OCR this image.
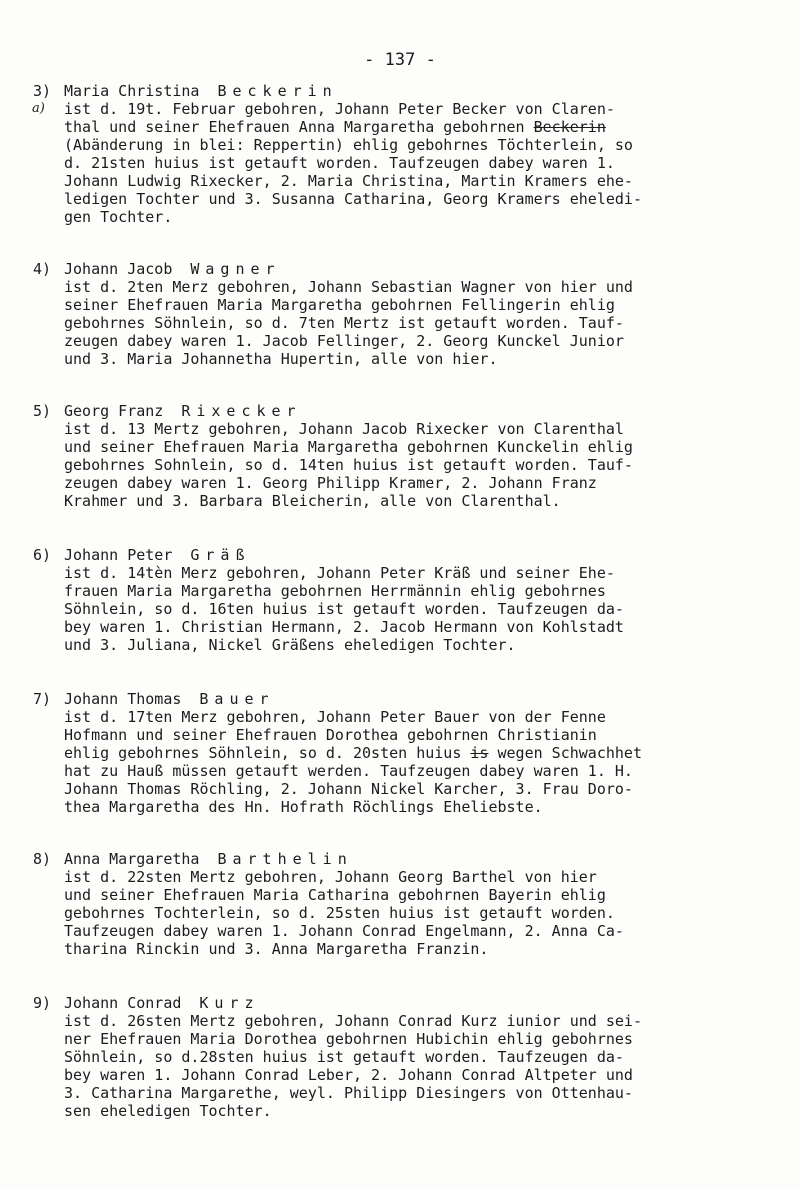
- 137 -
3) Maria Christina Beckerin
a)	ist d. 19t. Februar gebohren, Johann Peter Becker von Claren-
thal und seiner Ehefrauen Anna Margaretha gebohrnen Beckerin
(Abänderung in blei: Reppertin) ehlig gebohrnes Töchterlein, so
d. 21sten huius ist getauft worden. Taufzeugen dabey waren 1.
Johann Ludwig Rixecker, 2. Maria Christina, Martin Kramers ehe-
ledigen Tochter und 3. Susanna Catharina, Georg Kramers eheledi-
gen Tochter.
4) Johann Jacob Wagner
ist d. 2ten Merz gebohren, Johann Sebastian Wagner von hier und
seiner Ehefrauen Maria Margaretha gebohrnen Fellingerin ehlig
gebohrnes Söhnlein, so d. 7ten Mertz ist getauft worden. Tauf-
zeugen dabey waren 1. Jacob Fellinger, 2. Georg Kunckel Junior
und 3. Maria Johannetha Hupertin, alle von hier.
5) Georg Franz Rixecker
ist d. 13 Mertz gebohren, Johann Jacob Rixecker von Clarenthal
und seiner Ehefrauen Maria Margaretha gebohrnen Kunckelin ehlig
gebohrnes Sohnlein, so d. 14ten huius ist getauft worden. Tauf-
zeugen dabey waren 1. Georg Philipp Kramer, 2. Johann Franz
Krahmer und 3. Barbara Bleicherin, alle von Clarenthal.
6) Johann Peter Gräß
ist d. 14tèn Merz gebohren, Johann Peter Kräß und seiner Ehe-
frauen Maria Margaretha gebohrnen Herrmännin ehlig gebohrnes
Söhnlein, so d. 16ten huius ist getauft worden. Taufzeugen da-
bey waren 1. Christian Hermann, 2. Jacob Hermann von Kohlstadt
und 3. Juliana, Nickel Gräßens eheledigen Tochter.
7) Johann Thomas Bauer
ist d. 17ten Merz gebohren, Johann Peter Bauer von der Fenne
Hofmann und seiner Ehefrauen Dorothea gebohrnen Christianin
ehlig gebohrnes Söhnlein, so d. 20sten huius is wegen Schwachhet
hat zu Hauß müssen getauft werden. Taufzeugen dabey waren 1. H.
Johann Thomas Röchling, 2. Johann Nickel Karcher, 3. Frau Doro-
thea Margaretha des Hn. Hofrath Röchlings Eheliebste.
8) Anna Margaretha Barthelin
ist d. 22sten Mertz gebohren, Johann Georg Barthel von hier
und seiner Ehefrauen Maria Catharina gebohrnen Bayerin ehlig
gebohrnes Tochterlein, so d. 25sten huius ist getauft worden.
Taufzeugen dabey waren 1. Johann Conrad Engelmann, 2. Anna Ca-
tharina Rinckin und 3. Anna Margaretha Franzin.
9) Johann Conrad Kurz
ist d. 26sten Mertz gebohren, Johann Conrad Kurz iunior und sei-
ner Ehefrauen Maria Dorothea gebohrnen Hubichin ehlig gebohrnes
Söhnlein, so d.28sten huius ist getauft worden. Taufzeugen da-
bey waren 1. Johann Conrad Leber, 2. Johann Conrad Altpeter und
3. Catharina Margarethe, weyl. Philipp Diesingers von Ottenhau-
sen eheledigen Tochter.
